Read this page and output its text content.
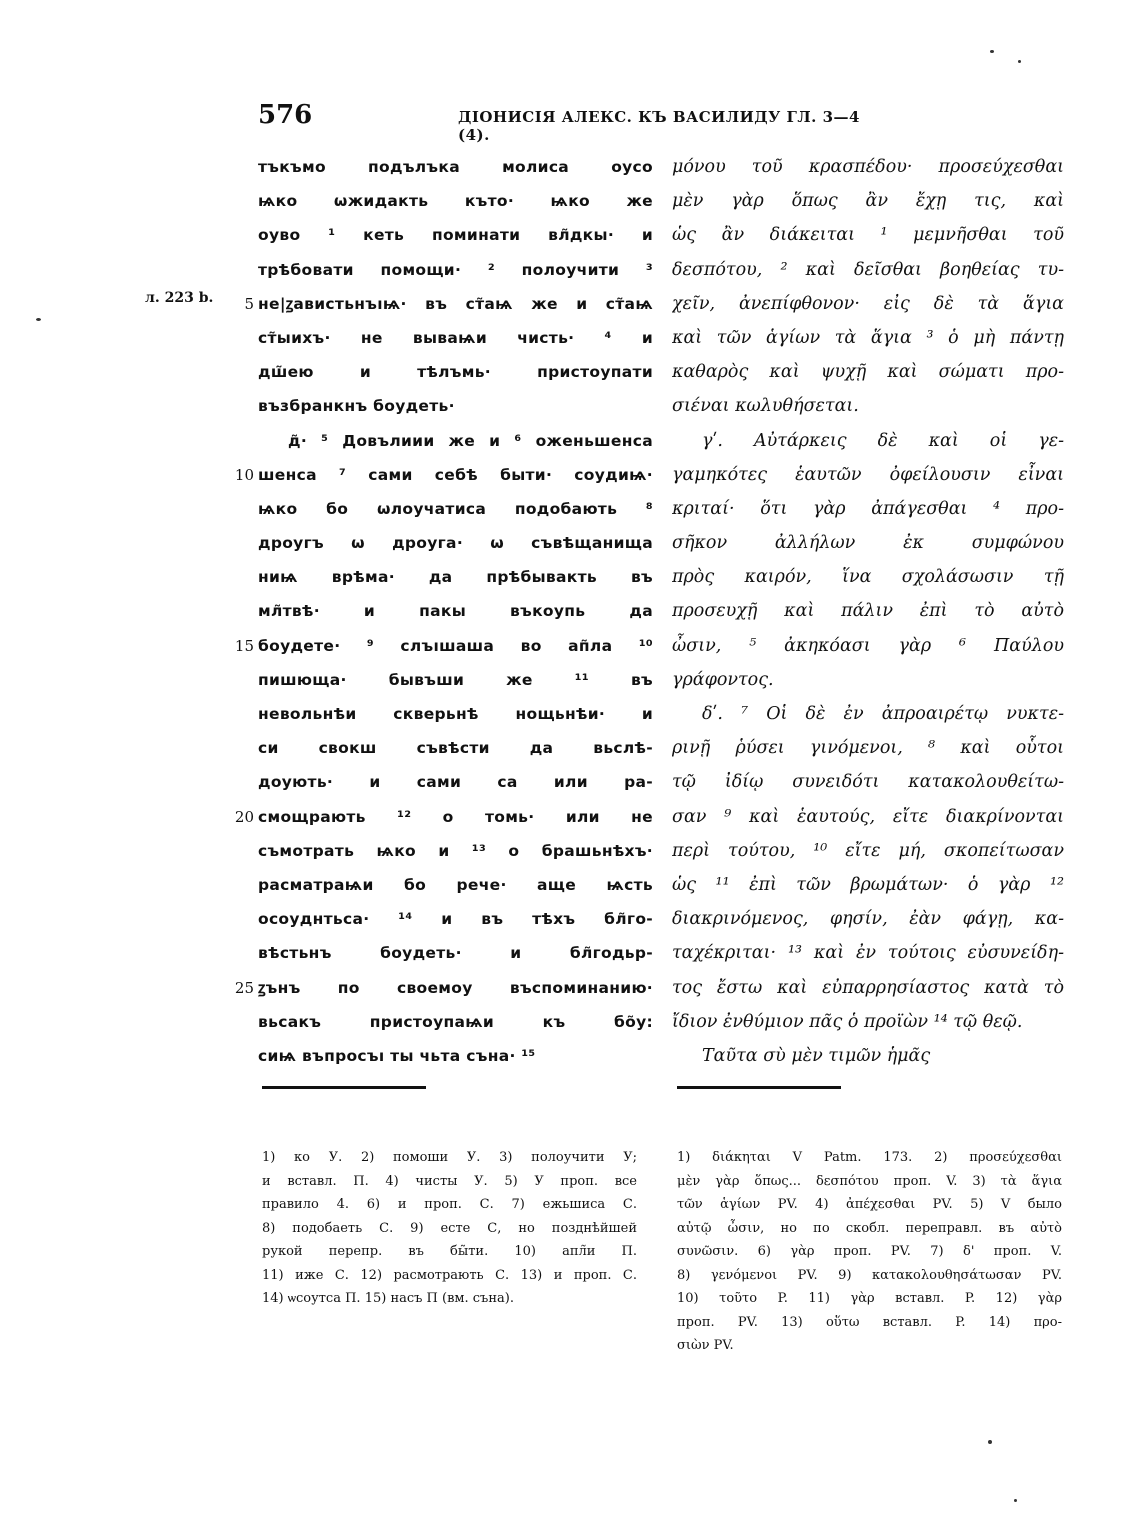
576	ДІОНИСІЯ АЛЕКС. КЪ ВАСИЛИДУ ГЛ. 3—4 (4).
л. 223 b.	5
10
15
20
25
тъкъмо подълъка молиса оусо
ѩко ѡжидакть къто· ѩко же
оуво ¹ кеть поминати вл̃дкы· и
трѣбовати помощи· ² полоучити ³
не|ꙁавистьнъıѩ· въ ст̃аѩ же и ст̃аѩ
ст̃ыихъ· не вываѩи чисть· ⁴ и
дш̃ею и тѣлъмь· пристоупати
възбранкнъ боудеть·
д̃· ⁵ Довълиии же и ⁶ оженьшенса
шенса ⁷ сами себѣ быти· соудиѩ·
ѩко бо ѡлоучатиса подобають ⁸
дроугъ ѡ дроуга· ѡ съвѣщанища
ниѩ врѣма· да прѣбывакть въ
мл̃твѣ· и пакы въкоупь да
боудете· ⁹ слъıшаша во ап̃ла ¹⁰
пишюща· бывъши же ¹¹ въ
невольнѣи скверьнѣ нощьнѣи· и
си свокш съвѣсти да вьслѣ-
доують· и сами са или ра-
смощрають ¹² о томь· или не
съмотрать ѩко и ¹³ о брашьнѣхъ·
расматраѩи бо рече· аще ѩсть
осоуднтьса· ¹⁴ и въ тѣхъ бл̃го-
вѣстьнъ боудеть· и бл̃годьр-
ꙁънъ по своемоу въспоминанию·
вьсакъ пристоупаѩи къ бо̃у:
сиѩ въпросъı ты чьта съна· ¹⁵
μόνου τοῦ κρασπέδου· προσεύχεσθαι
μὲν γὰρ ὅπως ἂν ἔχῃ τις, καὶ
ὡς ἂν διάκειται ¹ μεμνῆσθαι τοῦ
δεσπότου, ² καὶ δεῖσθαι βοηθείας τυ-
χεῖν, ἀνεπίφθονον· εἰς δὲ τὰ ἅγια
καὶ τῶν ἁγίων τὰ ἅγια ³ ὁ μὴ πάντῃ
καθαρὸς καὶ ψυχῇ καὶ σώματι προ-
σιέναι κωλυθήσεται.
γʹ. Αὐτάρκεις δὲ καὶ οἱ γε-
γαμηκότες ἑαυτῶν ὀφείλουσιν εἶναι
κριταί· ὅτι γὰρ ἀπάγεσθαι ⁴ προ-
σῆκον ἀλλήλων ἐκ συμφώνου
πρὸς καιρόν, ἵνα σχολάσωσιν τῇ
προσευχῇ καὶ πάλιν ἐπὶ τὸ αὐτὸ
ὦσιν, ⁵ ἀκηκόασι γὰρ ⁶ Παύλου
γράφοντος.
δʹ. ⁷ Οἱ δὲ ἐν ἀπροαιρέτῳ νυκτε-
ρινῇ ῥύσει γινόμενοι, ⁸ καὶ οὗτοι
τῷ ἰδίῳ συνειδότι κατακολουθείτω-
σαν ⁹ καὶ ἑαυτούς, εἴτε διακρίνονται
περὶ τούτου, ¹⁰ εἴτε μή, σκοπείτωσαν
ὡς ¹¹ ἐπὶ τῶν βρωμάτων· ὁ γὰρ ¹²
διακρινόμενος, φησίν, ἐὰν φάγῃ, κα-
ταχέκριται· ¹³ καὶ ἐν τούτοις εὐσυνείδη-
τος ἔστω καὶ εὐπαρρησίαστος κατὰ τὸ
ἴδιον ἐνθύμιον πᾶς ὁ προϊὼν ¹⁴ τῷ θεῷ.
Ταῦτα σὺ μὲν τιμῶν ἡμᾶς
1) ко У. 2) помоши У. 3) полоучити У;
и вставл. П. 4) чисты У. 5) У проп. все
правило 4. 6) и проп. С. 7) ежьшиса С.
8) подобаеть С. 9) есте С, но позднѣйшей
рукой перепр. въ бы̃ти. 10) апл̃и П.
11) иже С. 12) расмотрають С. 13) и проп. С.
14) ѡсоутса П. 15) насъ П (вм. съна).
1) διάκηται V Patm. 173. 2) προσεύχεσθαι
μὲν γὰρ ὅπως... δεσπότου проп. V. 3) τὰ ἅγια
τῶν ἁγίων PV. 4) ἀπέχεσθαι PV. 5) V было
αὐτῷ ὦσιν, но по скобл. переправл. въ αὐτὸ
συνῶσιν. 6) γὰρ проп. PV. 7) δ' проп. V.
8) γενόμενοι PV. 9) κατακολουθησάτωσαν PV.
10) τοῦτο P. 11) γὰρ вставл. P. 12) γὰρ
проп. PV. 13) οὕτω вставл. P. 14) προ-
σιὼν PV.
